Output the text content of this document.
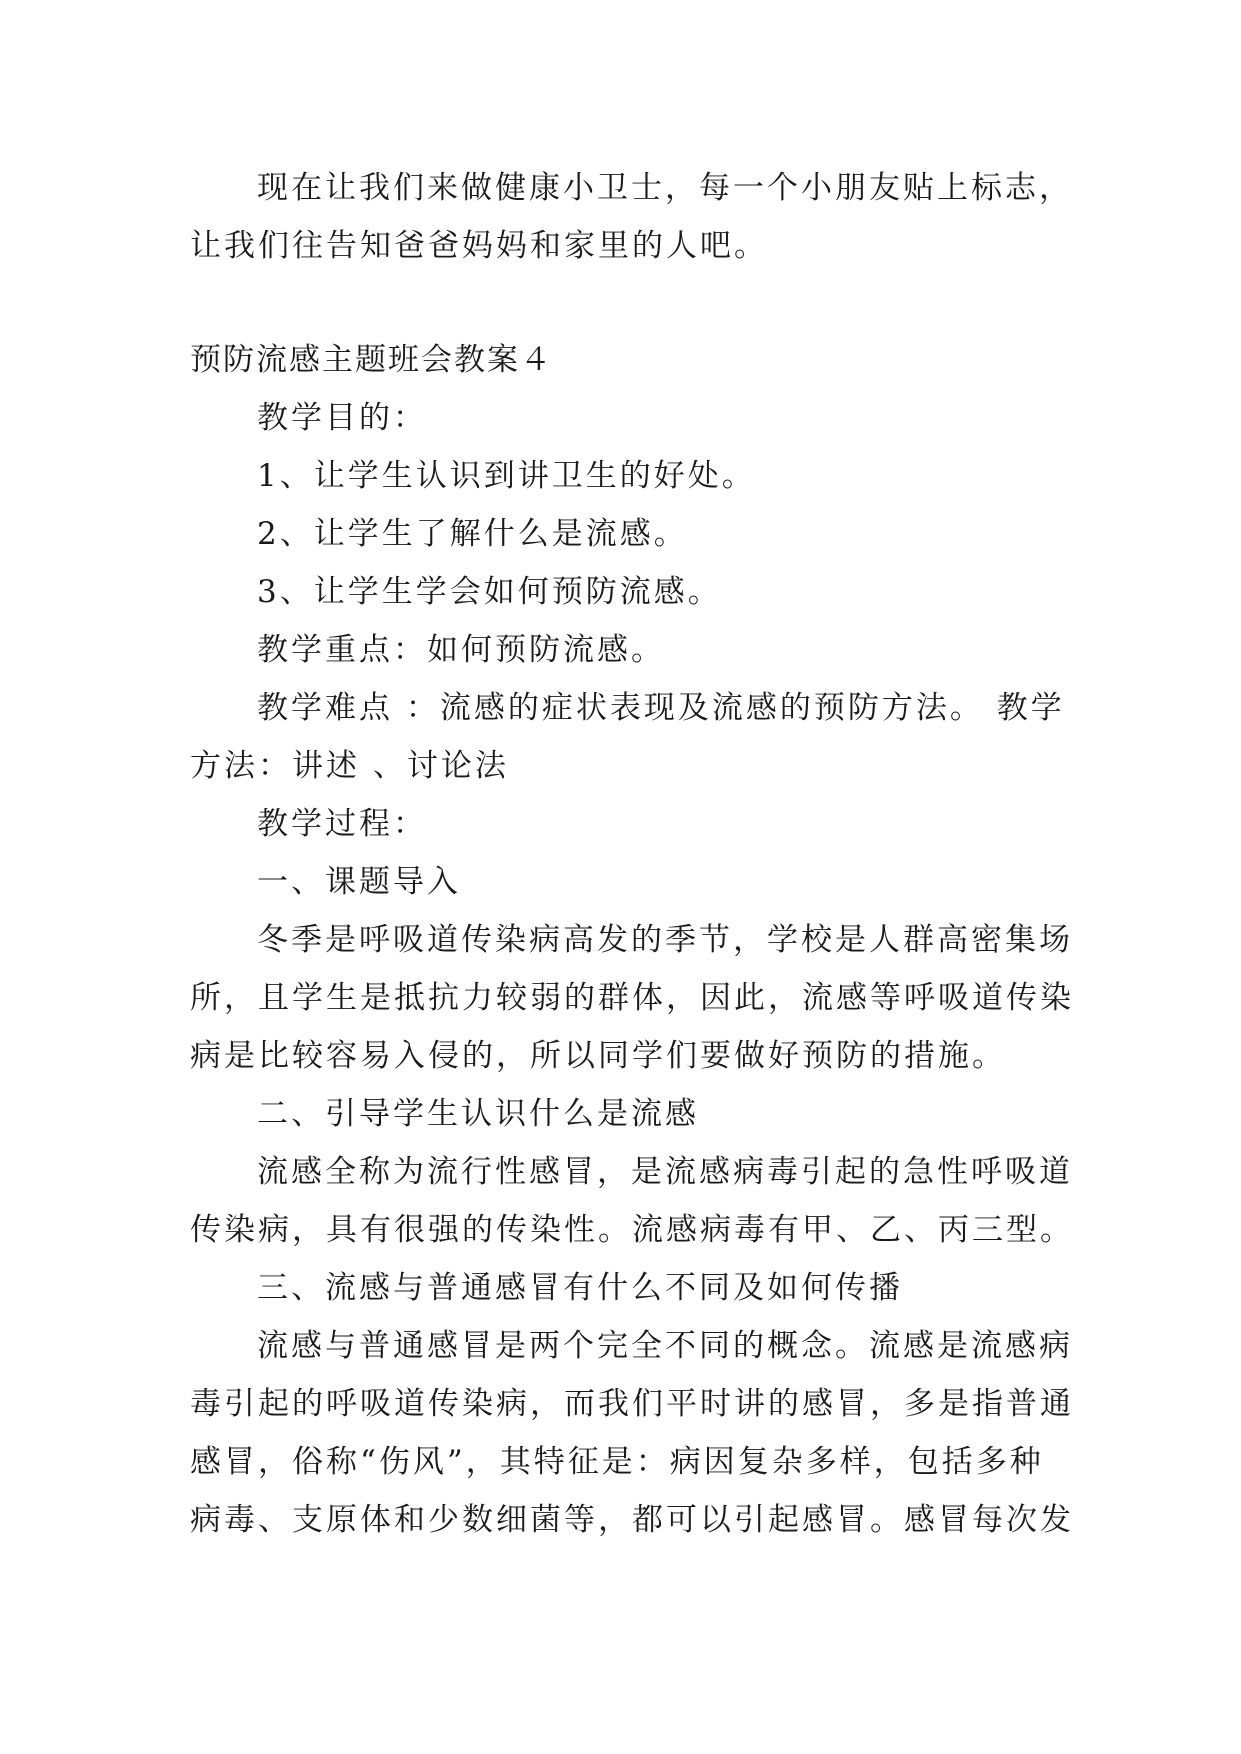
现在让我们来做健康小卫士，每一个小朋友贴上标志，
让我们往告知爸爸妈妈和家里的人吧。
预防流感主题班会教案４
教学目的：
1、让学生认识到讲卫生的好处。
2、让学生了解什么是流感。
3、让学生学会如何预防流感。
教学重点：如何预防流感。
教学难点 ：流感的症状表现及流感的预防方法。 教学
方法：讲述 、讨论法
教学过程：
一、课题导入
冬季是呼吸道传染病高发的季节，学校是人群高密集场
所，且学生是抵抗力较弱的群体，因此，流感等呼吸道传染
病是比较容易入侵的，所以同学们要做好预防的措施。
二、引导学生认识什么是流感
流感全称为流行性感冒，是流感病毒引起的急性呼吸道
传染病，具有很强的传染性。流感病毒有甲、乙、丙三型。
三、流感与普通感冒有什么不同及如何传播
流感与普通感冒是两个完全不同的概念。流感是流感病
毒引起的呼吸道传染病，而我们平时讲的感冒，多是指普通
感冒，俗称“伤风”，其特征是：病因复杂多样，包括多种
病毒、支原体和少数细菌等，都可以引起感冒。感冒每次发
